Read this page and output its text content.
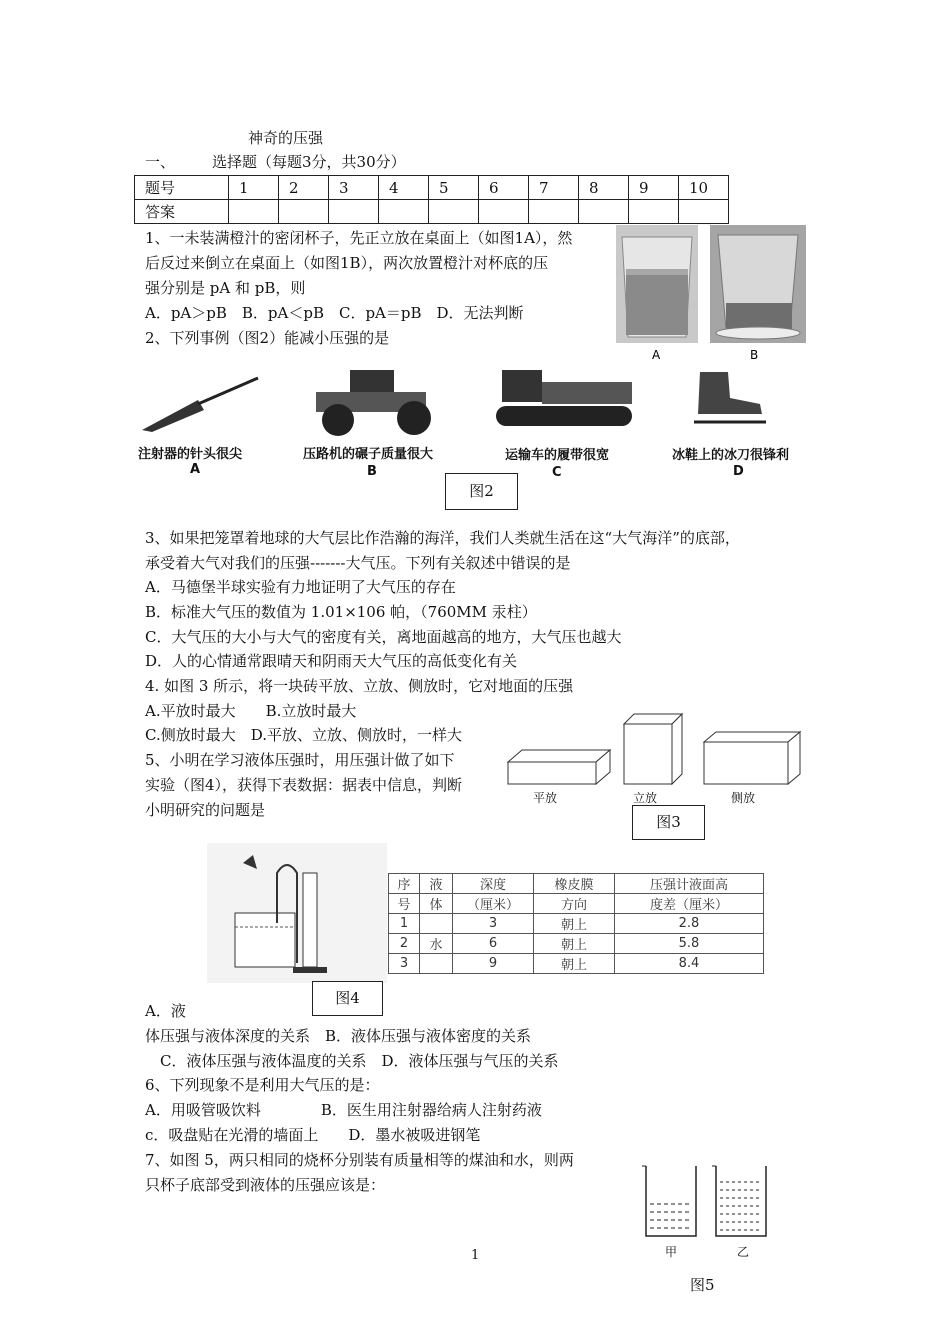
神奇的压强
一、 选择题（每题3分，共30分）
题号	1	2	3	4	5	6	7	8	9	10
答案										
1、一未装满橙汁的密闭杯子，先正立放在桌面上（如图1A），然
后反过来倒立在桌面上（如图1B），两次放置橙汁对杯底的压
强分别是 pA 和 pB，则
A．pA＞pB　B．pA＜pB　C．pA＝pB　D．无法判断
A	B
2、下列事例（图2）能减小压强的是
注射器的针头很尖	压路机的碾子质量很大	运输车的履带很宽	冰鞋上的冰刀很锋利
A	B	C	D
图2
3、如果把笼罩着地球的大气层比作浩瀚的海洋，我们人类就生活在这“大气海洋”的底部，
承受着大气对我们的压强-------大气压。下列有关叙述中错误的是
A．马德堡半球实验有力地证明了大气压的存在
B．标准大气压的数值为 1.01×106 帕，（760MM 汞柱）
C．大气压的大小与大气的密度有关，离地面越高的地方，大气压也越大
D．人的心情通常跟晴天和阴雨天大气压的高低变化有关
4. 如图 3 所示，将一块砖平放、立放、侧放时，它对地面的压强
A.平放时最大　　B.立放时最大
C.侧放时最大　D.平放、立放、侧放时，一样大
平放	立放	侧放
图3
5、小明在学习液体压强时，用压强计做了如下
实验（图4），获得下表数据：据表中信息，判断
小明研究的问题是
序	液	深度	橡皮膜	压强计液面高
号	体	（厘米）	方向	度差（厘米）
1		3	朝上	2.8
2	水	6	朝上	5.8
3		9	朝上	8.4
图4
A．液
体压强与液体深度的关系　B．液体压强与液体密度的关系
C．液体压强与液体温度的关系　D．液体压强与气压的关系
6、下列现象不是利用大气压的是：
A．用吸管吸饮料　　　　B．医生用注射器给病人注射药液
c．吸盘贴在光滑的墙面上　　D．墨水被吸进钢笔
7、如图 5，两只相同的烧杯分别装有质量相等的煤油和水，则两
只杯子底部受到液体的压强应该是：
甲	乙
图5
1
